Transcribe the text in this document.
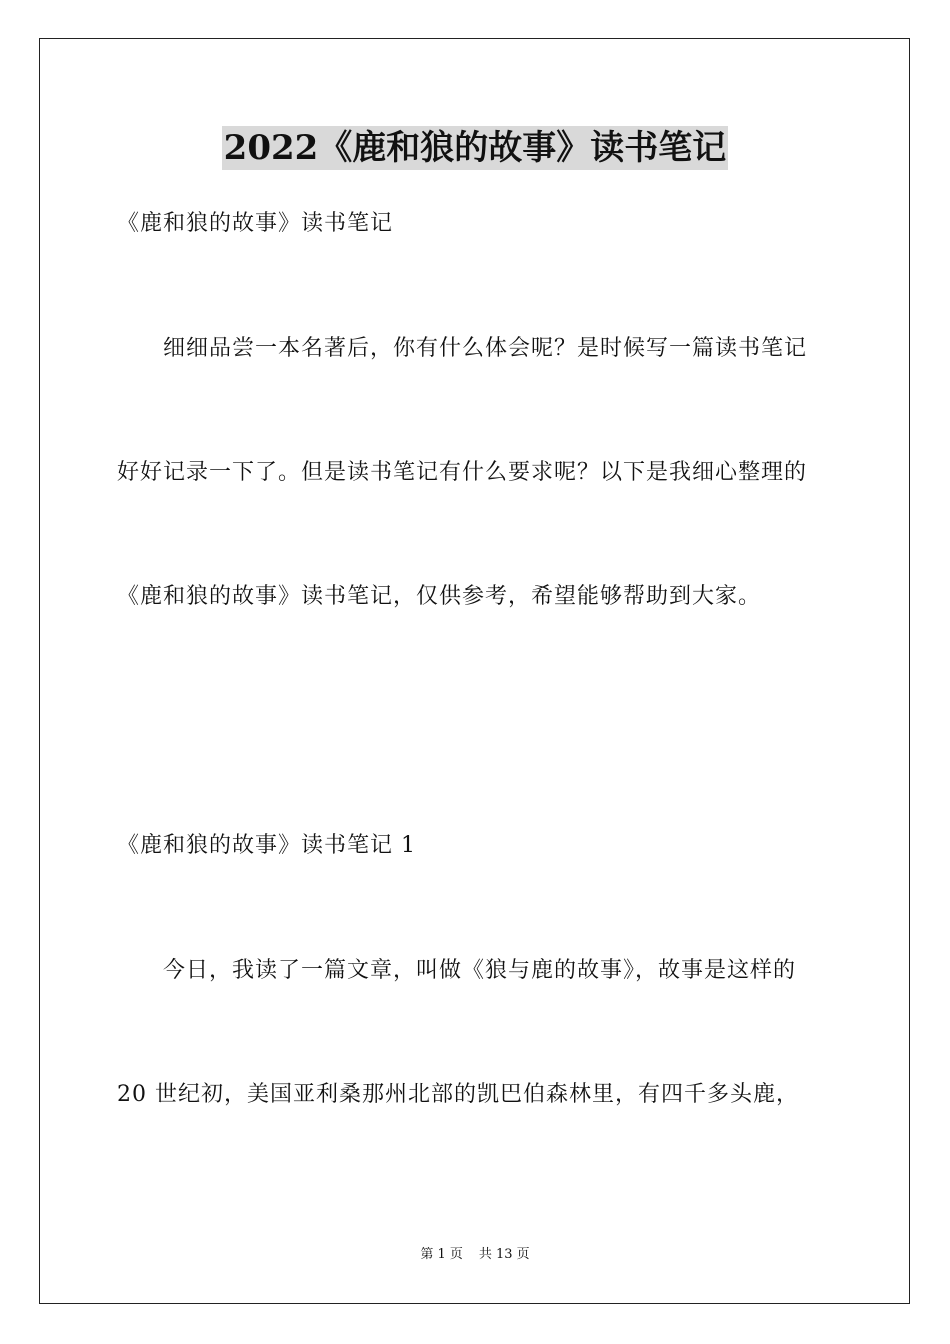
2022《鹿和狼的故事》读书笔记
《鹿和狼的故事》读书笔记
细细品尝一本名著后，你有什么体会呢？是时候写一篇读书笔记
好好记录一下了。但是读书笔记有什么要求呢？以下是我细心整理的
《鹿和狼的故事》读书笔记，仅供参考，希望能够帮助到大家。
《鹿和狼的故事》读书笔记 1
今日，我读了一篇文章，叫做《狼与鹿的故事》，故事是这样的
20 世纪初，美国亚利桑那州北部的凯巴伯森林里，有四千多头鹿，
第 1 页 共 13 页
